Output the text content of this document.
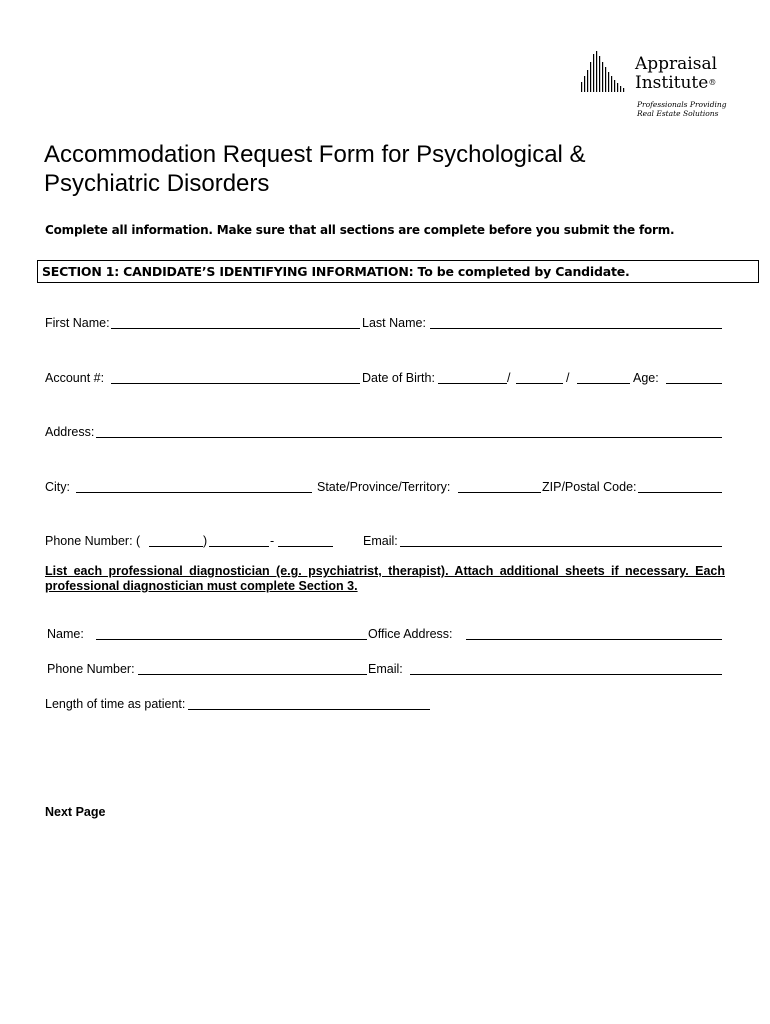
Appraisal
Institute®
Professionals Providing
Real Estate Solutions
Accommodation Request Form for Psychological & Psychiatric Disorders
Complete all information. Make sure that all sections are complete before you submit the form.
SECTION 1: CANDIDATE’S IDENTIFYING INFORMATION: To be completed by Candidate.
First Name:	Last Name:
Account #:	Date of Birth:	/	/	Age:
Address:
City:	State/Province/Territory:	ZIP/Postal Code:
Phone Number: (	)	-	Email:
List each professional diagnostician (e.g. psychiatrist, therapist). Attach additional sheets if necessary. Each professional diagnostician must complete Section 3.
Name:	Office Address:
Phone Number:	Email:
Length of time as patient:
Next Page
